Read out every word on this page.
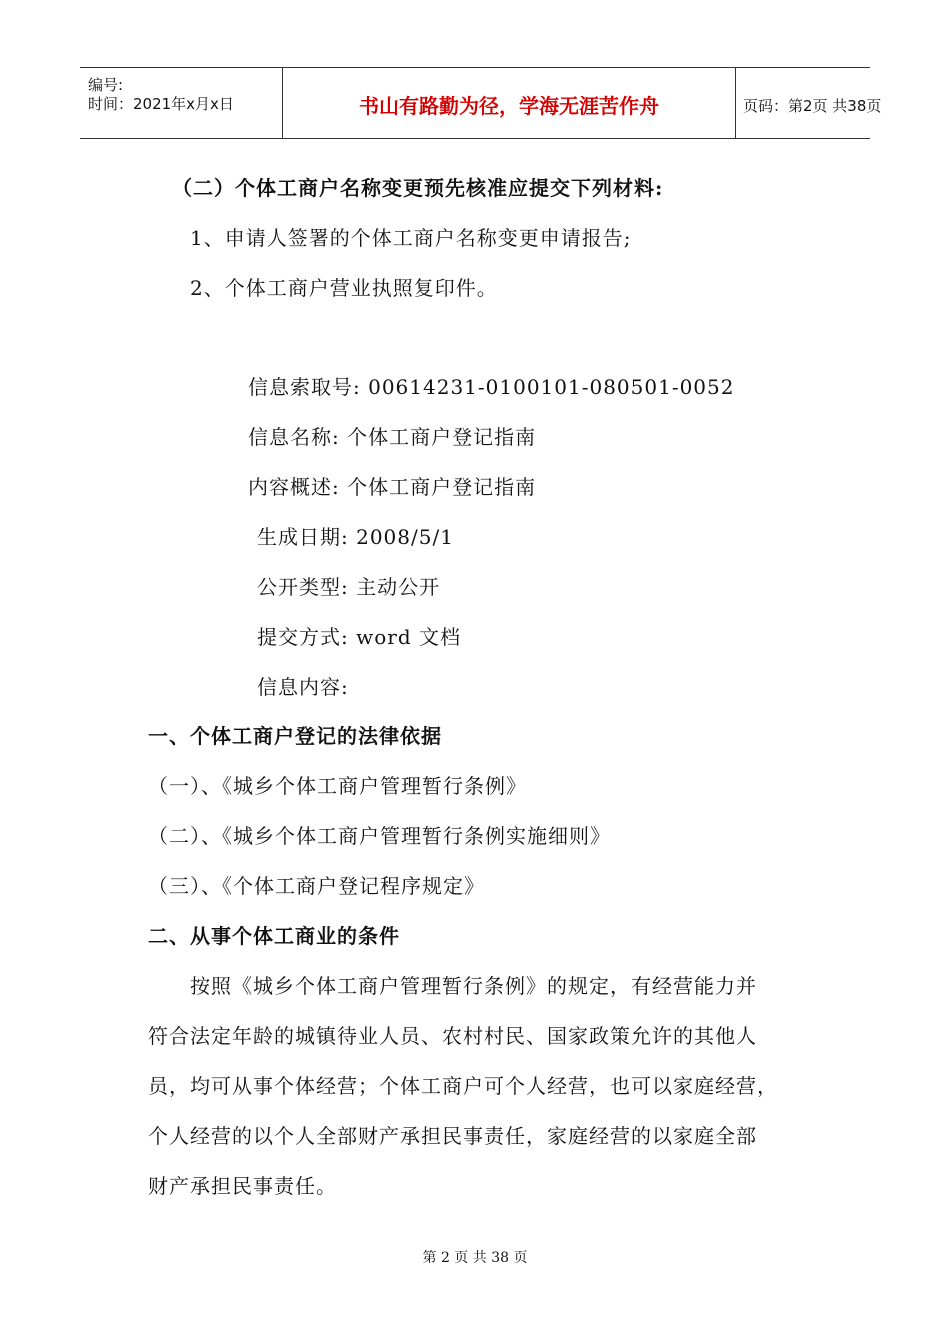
编号:
时间：2021年x月x日	书山有路勤为径，学海无涯苦作舟	页码：第2页 共38页
（二）个体工商户名称变更预先核准应提交下列材料:
1、申请人签署的个体工商户名称变更申请报告;
2、个体工商户营业执照复印件。
信息索取号: 00614231-0100101-080501-0052
信息名称: 个体工商户登记指南
内容概述: 个体工商户登记指南
生成日期: 2008/5/1
公开类型: 主动公开
提交方式: word 文档
信息内容:
一、个体工商户登记的法律依据
（一）、《城乡个体工商户管理暂行条例》
（二）、《城乡个体工商户管理暂行条例实施细则》
（三）、《个体工商户登记程序规定》
二、从事个体工商业的条件
按照《城乡个体工商户管理暂行条例》的规定，有经营能力并
符合法定年龄的城镇待业人员、农村村民、国家政策允许的其他人
员，均可从事个体经营；个体工商户可个人经营，也可以家庭经营，
个人经营的以个人全部财产承担民事责任，家庭经营的以家庭全部
财产承担民事责任。
第 2 页 共 38 页
